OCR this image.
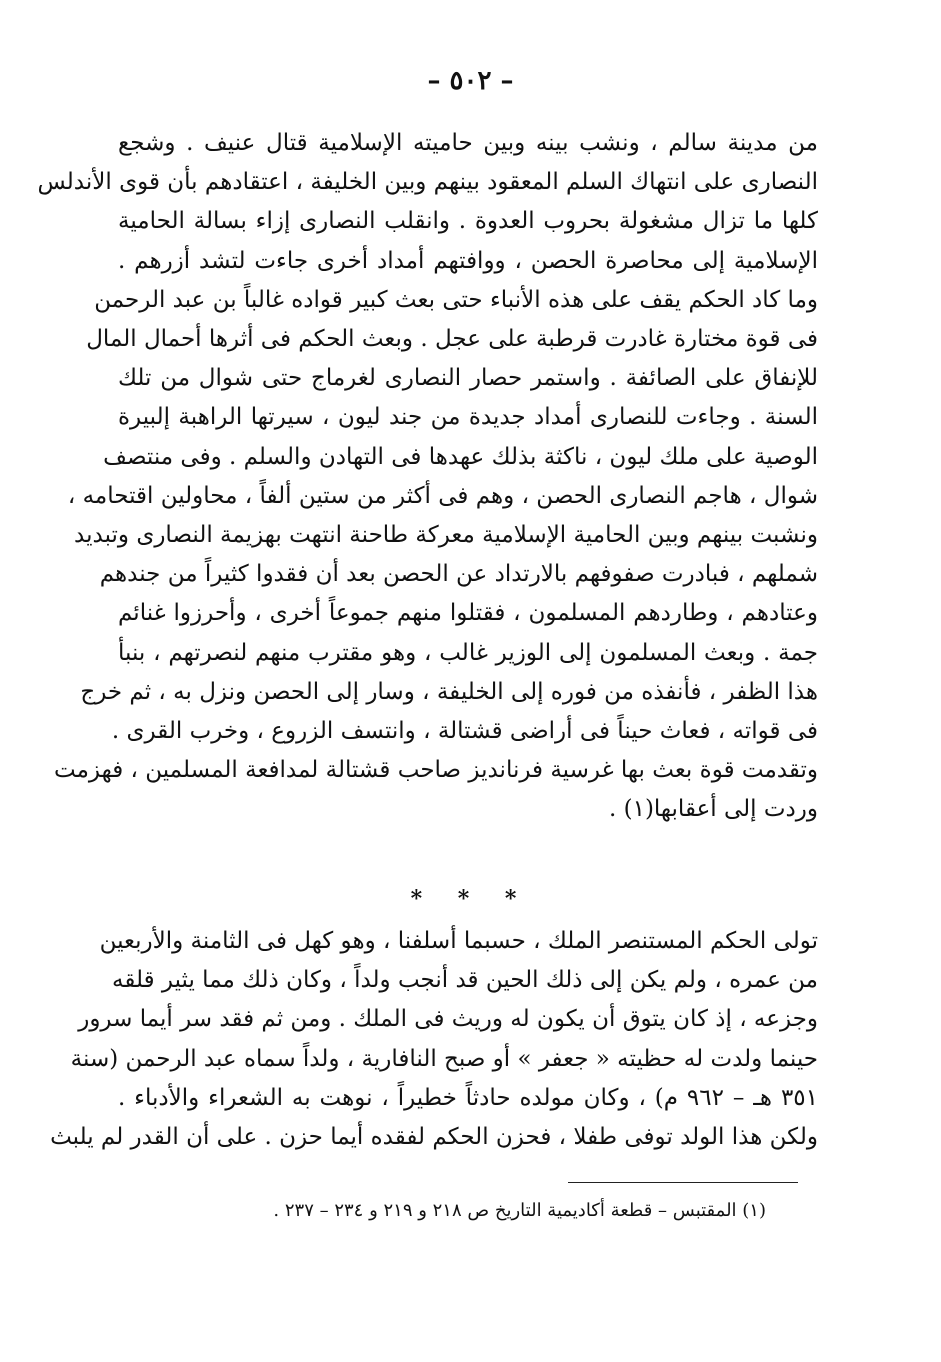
– ٥٠٢ –
من مدينة سالم ، ونشب بينه وبين حاميته الإسلامية قتال عنيف . وشجع
النصارى على انتهاك السلم المعقود بينهم وبين الخليفة ، اعتقادهم بأن قوى الأندلس
كلها ما تزال مشغولة بحروب العدوة . وانقلب النصارى إزاء بسالة الحامية
الإسلامية إلى محاصرة الحصن ، ووافتهم أمداد أخرى جاءت لتشد أزرهم .
وما كاد الحكم يقف على هذه الأنباء حتى بعث كبير قواده غالباً بن عبد الرحمن
فى قوة مختارة غادرت قرطبة على عجل . وبعث الحكم فى أثرها أحمال المال
للإنفاق على الصائفة . واستمر حصار النصارى لغرماج حتى شوال من تلك
السنة . وجاءت للنصارى أمداد جديدة من جند ليون ، سيرتها الراهبة إلبيرة
الوصية على ملك ليون ، ناكثة بذلك عهدها فى التهادن والسلم . وفى منتصف
شوال ، هاجم النصارى الحصن ، وهم فى أكثر من ستين ألفاً ، محاولين اقتحامه ،
ونشبت بينهم وبين الحامية الإسلامية معركة طاحنة انتهت بهزيمة النصارى وتبديد
شملهم ، فبادرت صفوفهم بالارتداد عن الحصن بعد أن فقدوا كثيراً من جندهم
وعتادهم ، وطاردهم المسلمون ، فقتلوا منهم جموعاً أخرى ، وأحرزوا غنائم
جمة . وبعث المسلمون إلى الوزير غالب ، وهو مقترب منهم لنصرتهم ، بنبأ
هذا الظفر ، فأنفذه من فوره إلى الخليفة ، وسار إلى الحصن ونزل به ، ثم خرج
فى قواته ، فعاث حيناً فى أراضى قشتالة ، وانتسف الزروع ، وخرب القرى .
وتقدمت قوة بعث بها غرسية فرنانديز صاحب قشتالة لمدافعة المسلمين ، فهزمت
وردت إلى أعقابها(١) .
* * *
تولى الحكم المستنصر الملك ، حسبما أسلفنا ، وهو كهل فى الثامنة والأربعين
من عمره ، ولم يكن إلى ذلك الحين قد أنجب ولداً ، وكان ذلك مما يثير قلقه
وجزعه ، إذ كان يتوق أن يكون له وريث فى الملك . ومن ثم فقد سر أيما سرور
حينما ولدت له حظيته « جعفر » أو صبح النافارية ، ولداً سماه عبد الرحمن (سنة
٣٥١ هـ – ٩٦٢ م) ، وكان مولده حادثاً خطيراً ، نوهت به الشعراء والأدباء .
ولكن هذا الولد توفى طفلا ، فحزن الحكم لفقده أيما حزن . على أن القدر لم يلبث
(١) المقتبس – قطعة أكاديمية التاريخ ص ٢١٨ و ٢١٩ و ٢٣٤ – ٢٣٧ .
